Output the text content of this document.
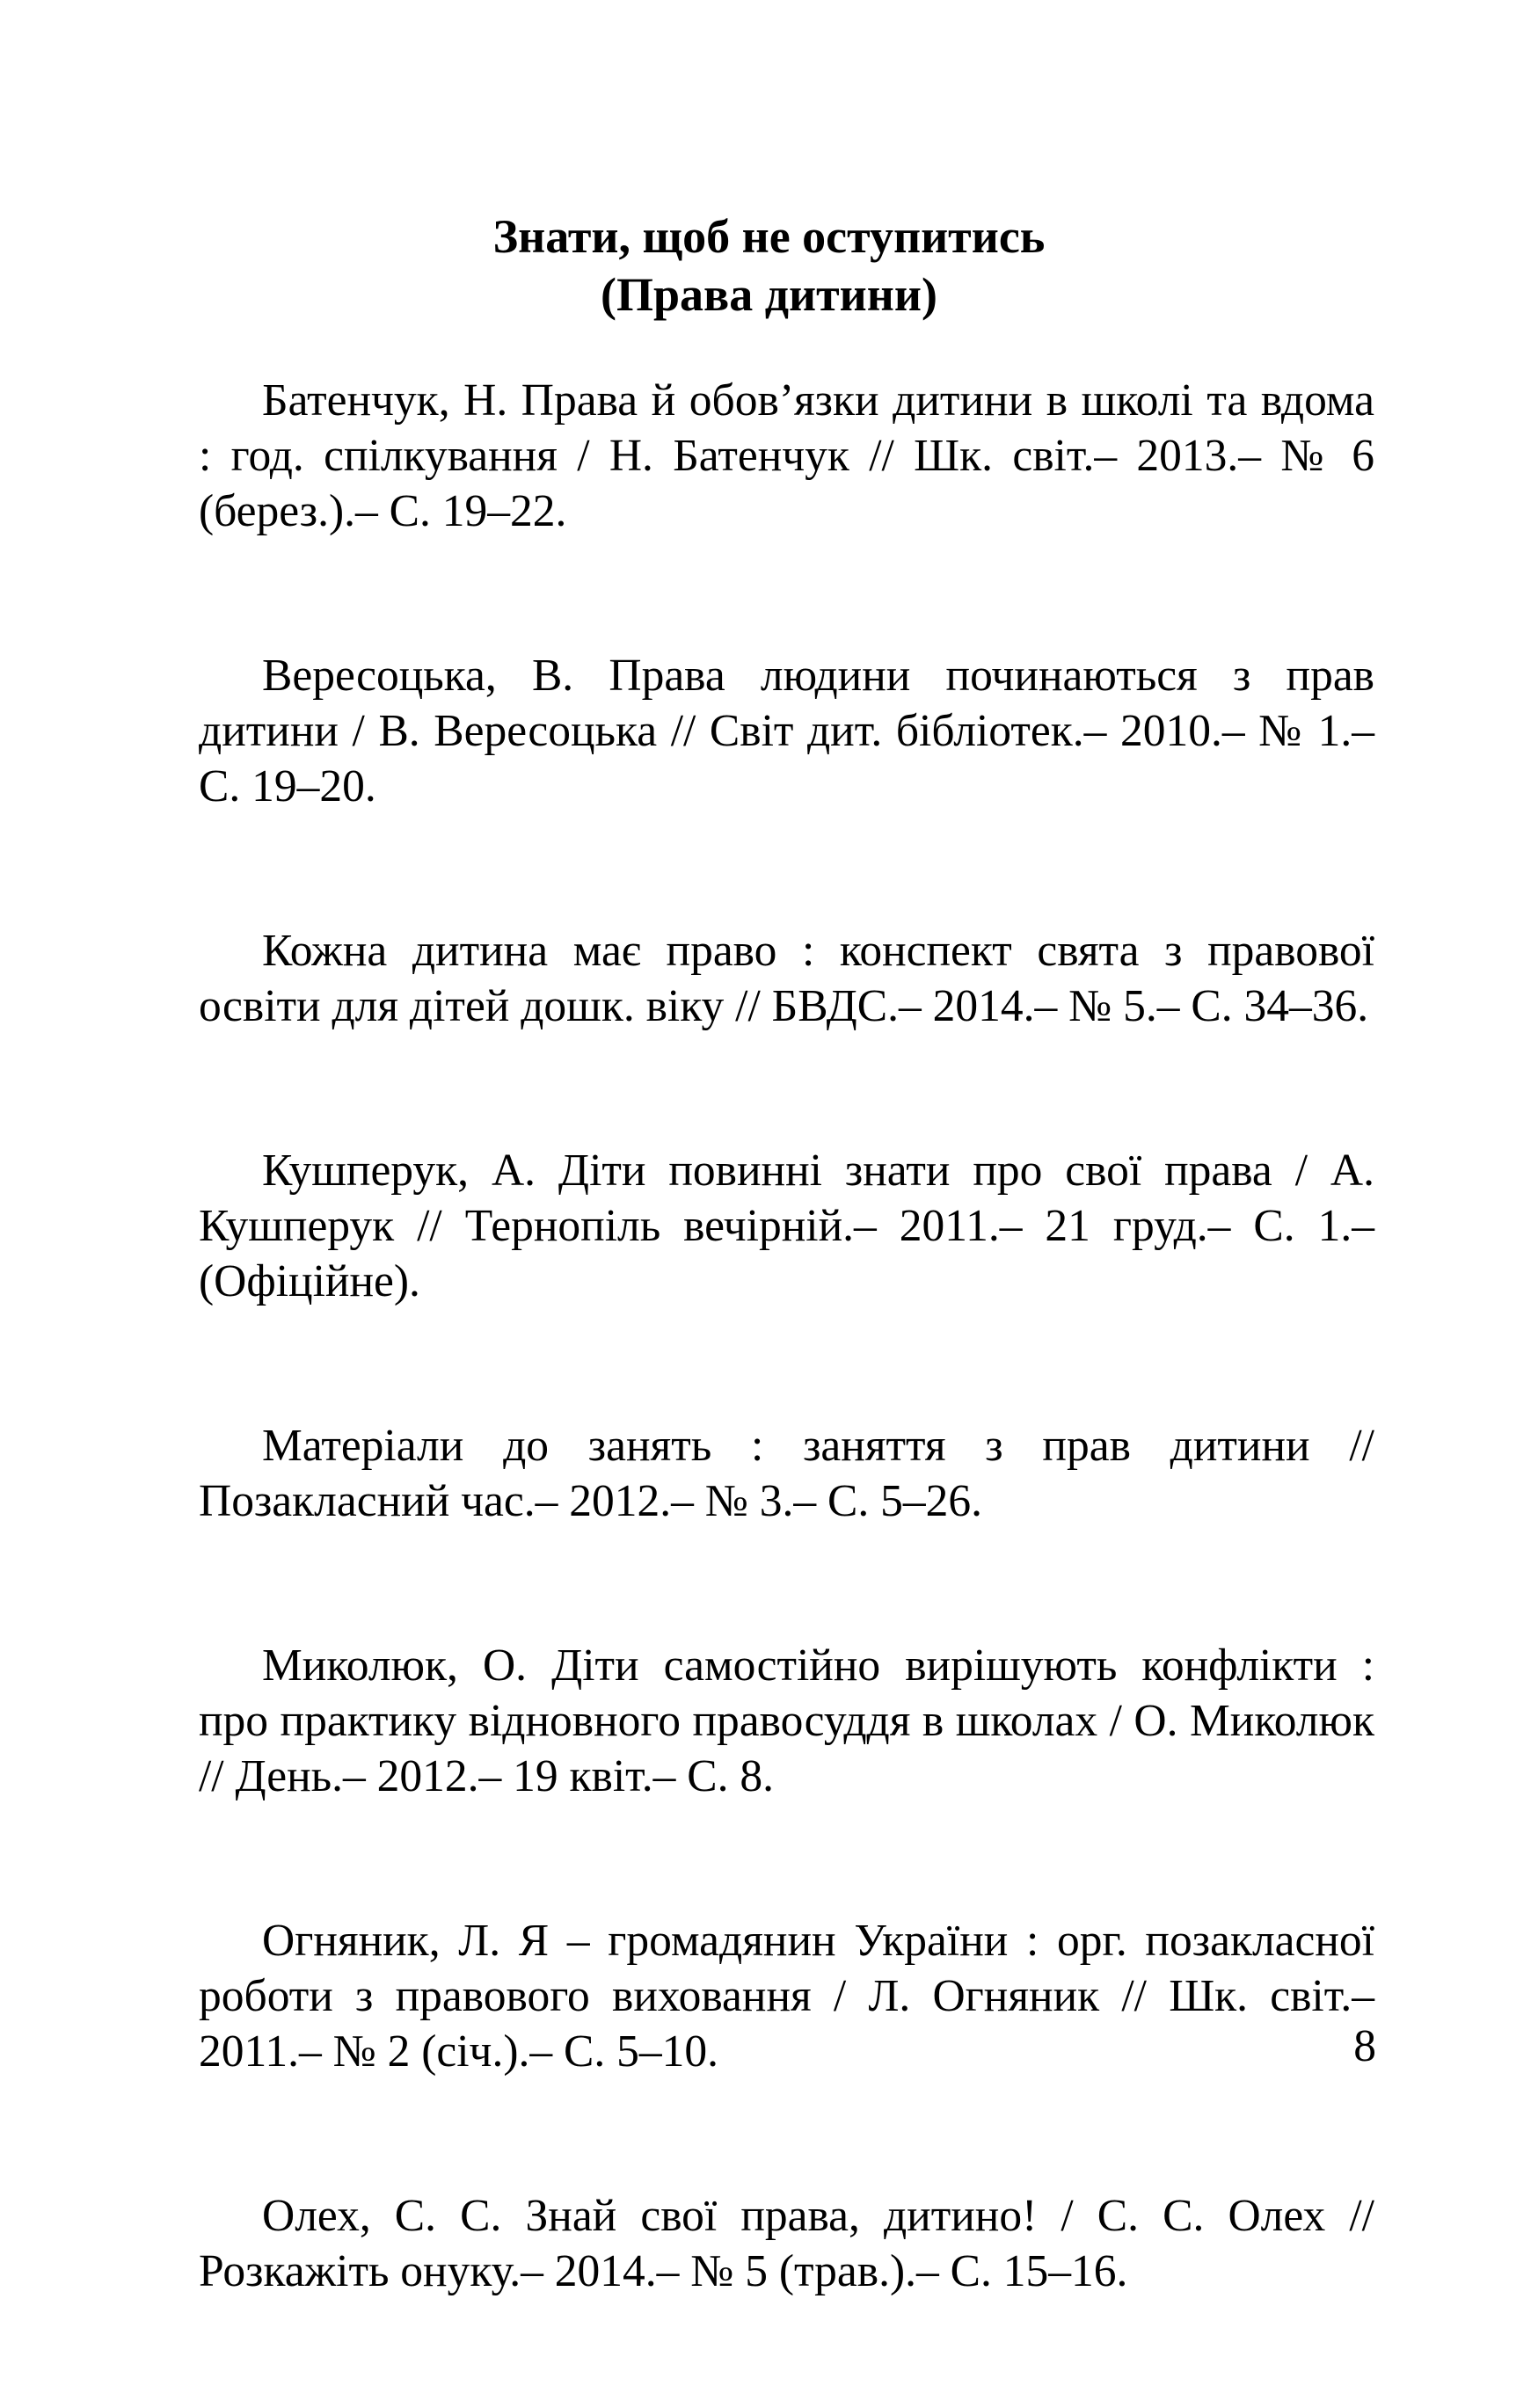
Знати, щоб не оступитись
(Права дитини)

Батенчук, Н. Права й обов’язки дитини в школі та вдома : год. спілкування / Н. Батенчук // Шк. світ.– 2013.– № 6 (берез.).– С. 19–22.

Вересоцька, В. Права людини починаються з прав дитини / В. Вересоцька // Світ дит. бібліотек.– 2010.– № 1.– С. 19–20.

Кожна дитина має право : конспект свята з правової освіти для дітей дошк. віку // БВДС.– 2014.– № 5.– С. 34–36.

Кушперук, А. Діти повинні знати про свої права / А. Кушперук // Тернопіль вечірній.– 2011.– 21 груд.– С. 1.– (Офіційне).

Матеріали до занять : заняття з прав дитини // Позакласний час.– 2012.– № 3.– С. 5–26.

Миколюк, О. Діти самостійно вирішують конфлікти : про практику відновного правосуддя в школах / О. Миколюк // День.– 2012.– 19 квіт.– С. 8.

Огняник, Л. Я – громадянин України : орг. позакласної роботи з правового виховання / Л. Огняник // Шк. світ.– 2011.– № 2 (січ.).– С. 5–10.

Олех, С. С. Знай свої права, дитино! / С. С. Олех // Розкажіть онуку.– 2014.– № 5 (трав.).– С. 15–16.

8
